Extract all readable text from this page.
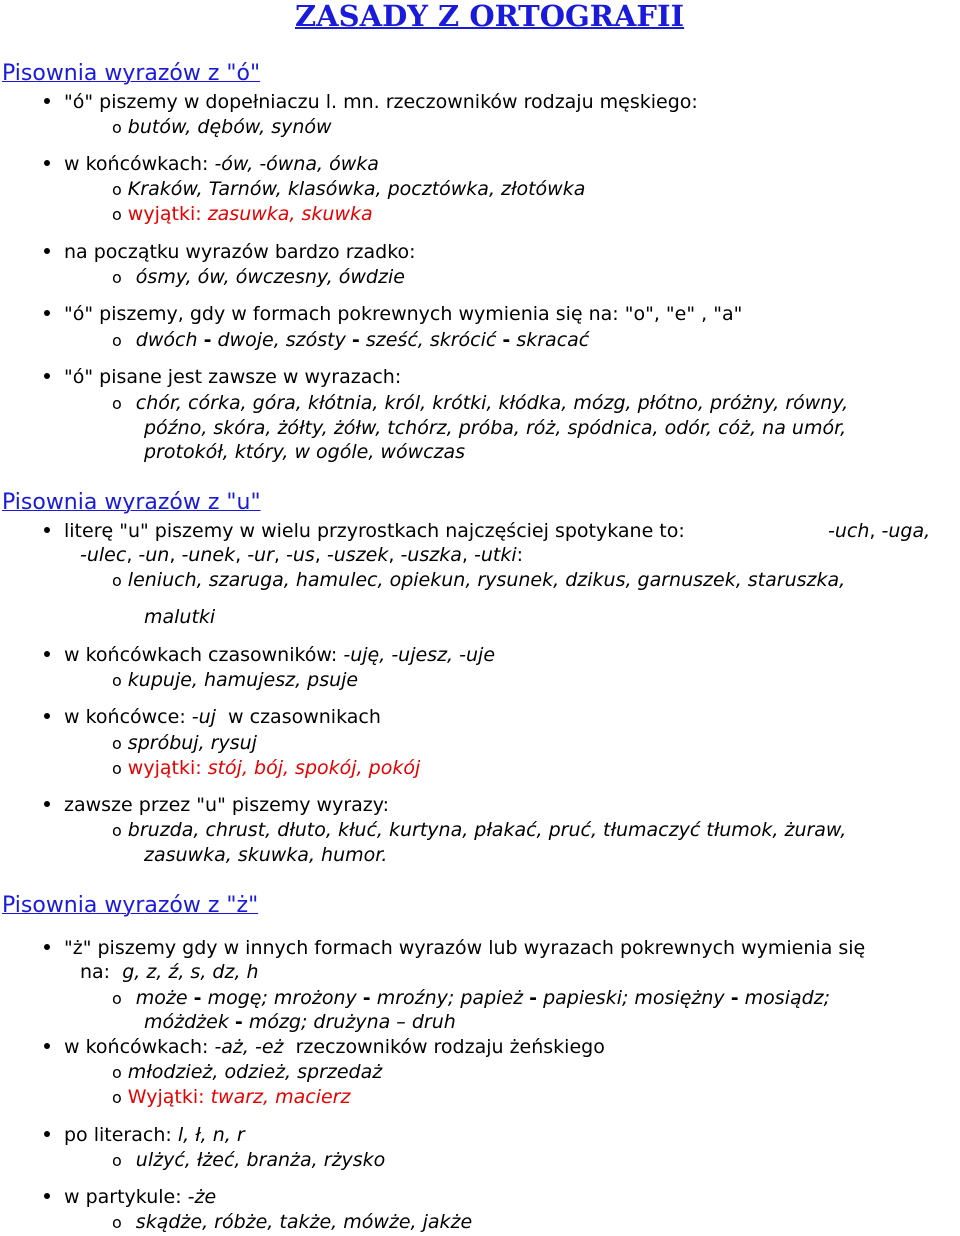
ZASADY Z ORTOGRAFII
Pisownia wyrazów z "ó"
"ó" piszemy w dopełniaczu l. mn. rzeczowników rodzaju męskiego:
o butów, dębów, synów
w końcówkach: -ów, -ówna, ówka
o Kraków, Tarnów, klasówka, pocztówka, złotówka
o wyjątki: zasuwka, skuwka
na początku wyrazów bardzo rzadko:
o ósmy, ów, ówczesny, ówdzie
"ó" piszemy, gdy w formach pokrewnych wymienia się na: "o", "e" , "a"
o dwóch - dwoje, szósty - sześć, skrócić - skracać
"ó" pisane jest zawsze w wyrazach:
o chór, córka, góra, kłótnia, król, krótki, kłódka, mózg, płótno, próżny, równy,
późno, skóra, żółty, żółw, tchórz, próba, róż, spódnica, odór, cóż, na umór,
protokół, który, w ogóle, wówczas
Pisownia wyrazów z "u"
literę "u" piszemy w wielu przyrostkach najczęściej spotykane to:	-uch, -uga,
-ulec, -un, -unek, -ur, -us, -uszek, -uszka, -utki:
o leniuch, szaruga, hamulec, opiekun, rysunek, dzikus, garnuszek, staruszka,
malutki
w końcówkach czasowników: -uję, -ujesz, -uje
o kupuje, hamujesz, psuje
w końcówce: -uj w czasownikach
o spróbuj, rysuj
o wyjątki: stój, bój, spokój, pokój
zawsze przez "u" piszemy wyrazy:
o bruzda, chrust, dłuto, kłuć, kurtyna, płakać, pruć, tłumaczyć tłumok, żuraw,
zasuwka, skuwka, humor.
Pisownia wyrazów z "ż"
"ż" piszemy gdy w innych formach wyrazów lub wyrazach pokrewnych wymienia się
na: g, z, ź, s, dz, h
o może - mogę; mrożony - mroźny; papież - papieski; mosiężny - mosiądz;
móżdżek - mózg; drużyna – druh
w końcówkach: -aż, -eż rzeczowników rodzaju żeńskiego
o młodzież, odzież, sprzedaż
o Wyjątki: twarz, macierz
po literach: l, ł, n, r
o ulżyć, łżeć, branża, rżysko
w partykule: -że
o skądże, róbże, także, mówże, jakże
